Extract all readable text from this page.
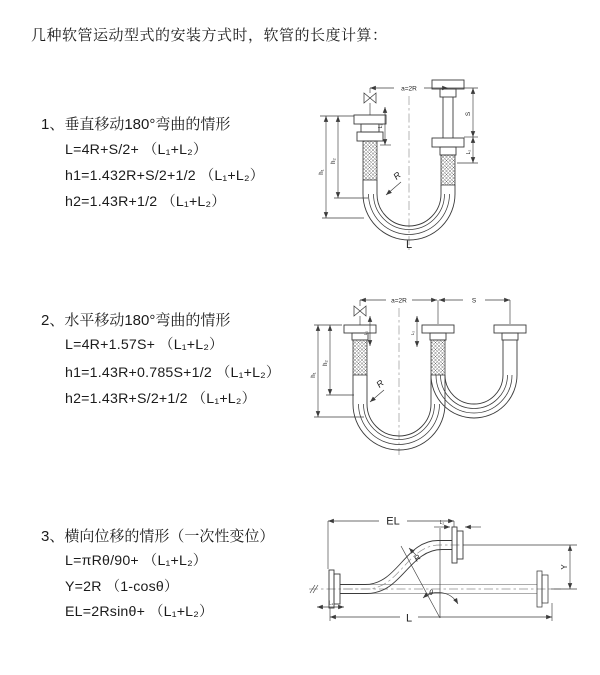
几种软管运动型式的安装方式时，软管的长度计算：
1、垂直移动180°弯曲的情形
L=4R+S/2+ （L₁+L₂）
h1=1.432R+S/2+1/2 （L₁+L₂）
h2=1.43R+1/2 （L₁+L₂）
2、水平移动180°弯曲的情形
L=4R+1.57S+ （L₁+L₂）
h1=1.43R+0.785S+1/2 （L₁+L₂）
h2=1.43R+S/2+1/2 （L₁+L₂）
3、横向位移的情形（一次性变位）
L=πRθ/90+ （L₁+L₂）
Y=2R （1-cosθ）
EL=2Rsinθ+ （L₁+L₂）
a=2R
R
L
h₁
h₂
L₁
S
L₂
a=2R	S
R
h₁
h₂
L₁	L₂
Y
EL	L₂
R
θ
L
L₁
